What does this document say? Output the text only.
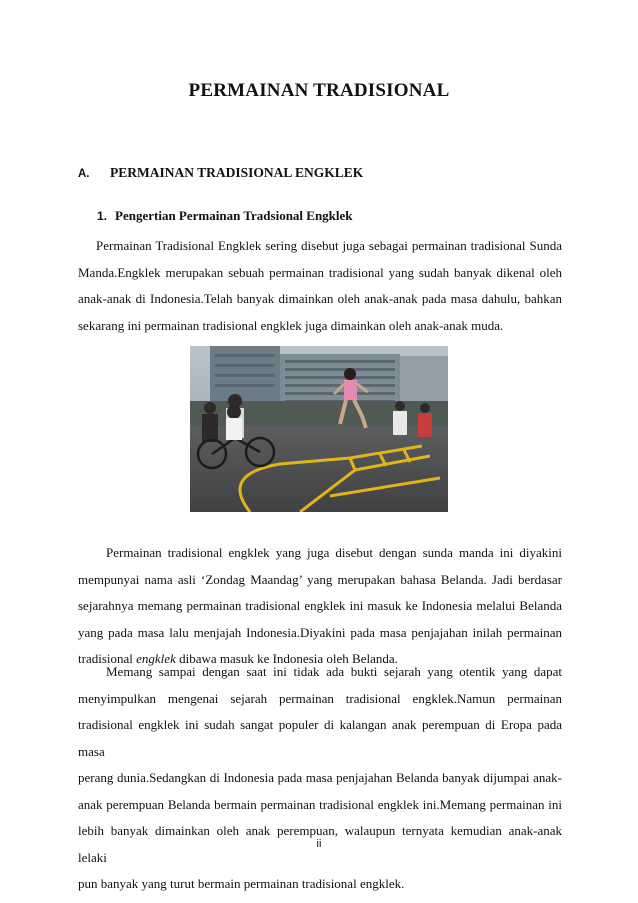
PERMAINAN TRADISIONAL
A. PERMAINAN TRADISIONAL ENGKLEK
1. Pengertian Permainan Tradsional Engklek
Permainan Tradisional Engklek sering disebut juga sebagai permainan tradisional Sunda
Manda.Engklek merupakan sebuah permainan tradisional yang sudah banyak dikenal oleh
anak-anak di Indonesia.Telah banyak dimainkan oleh anak-anak pada masa dahulu, bahkan
sekarang ini permainan tradisional engklek juga dimainkan oleh anak-anak muda.
Permainan tradisional engklek yang juga disebut dengan sunda manda ini diyakini
mempunyai nama asli ‘Zondag Maandag’ yang merupakan bahasa Belanda. Jadi berdasar
sejarahnya memang permainan tradisional engklek ini masuk ke Indonesia melalui Belanda
yang pada masa lalu menjajah Indonesia.Diyakini pada masa penjajahan inilah permainan
tradisional engklek dibawa masuk ke Indonesia oleh Belanda.
Memang sampai dengan saat ini tidak ada bukti sejarah yang otentik yang dapat
menyimpulkan mengenai sejarah permainan tradisional engklek.Namun permainan
tradisional engklek ini sudah sangat populer di kalangan anak perempuan di Eropa pada masa
perang dunia.Sedangkan di Indonesia pada masa penjajahan Belanda banyak dijumpai anak-
anak perempuan Belanda bermain permainan tradisional engklek ini.Memang permainan ini
lebih banyak dimainkan oleh anak perempuan, walaupun ternyata kemudian anak-anak lelaki
pun banyak yang turut bermain permainan tradisional engklek.
ii
